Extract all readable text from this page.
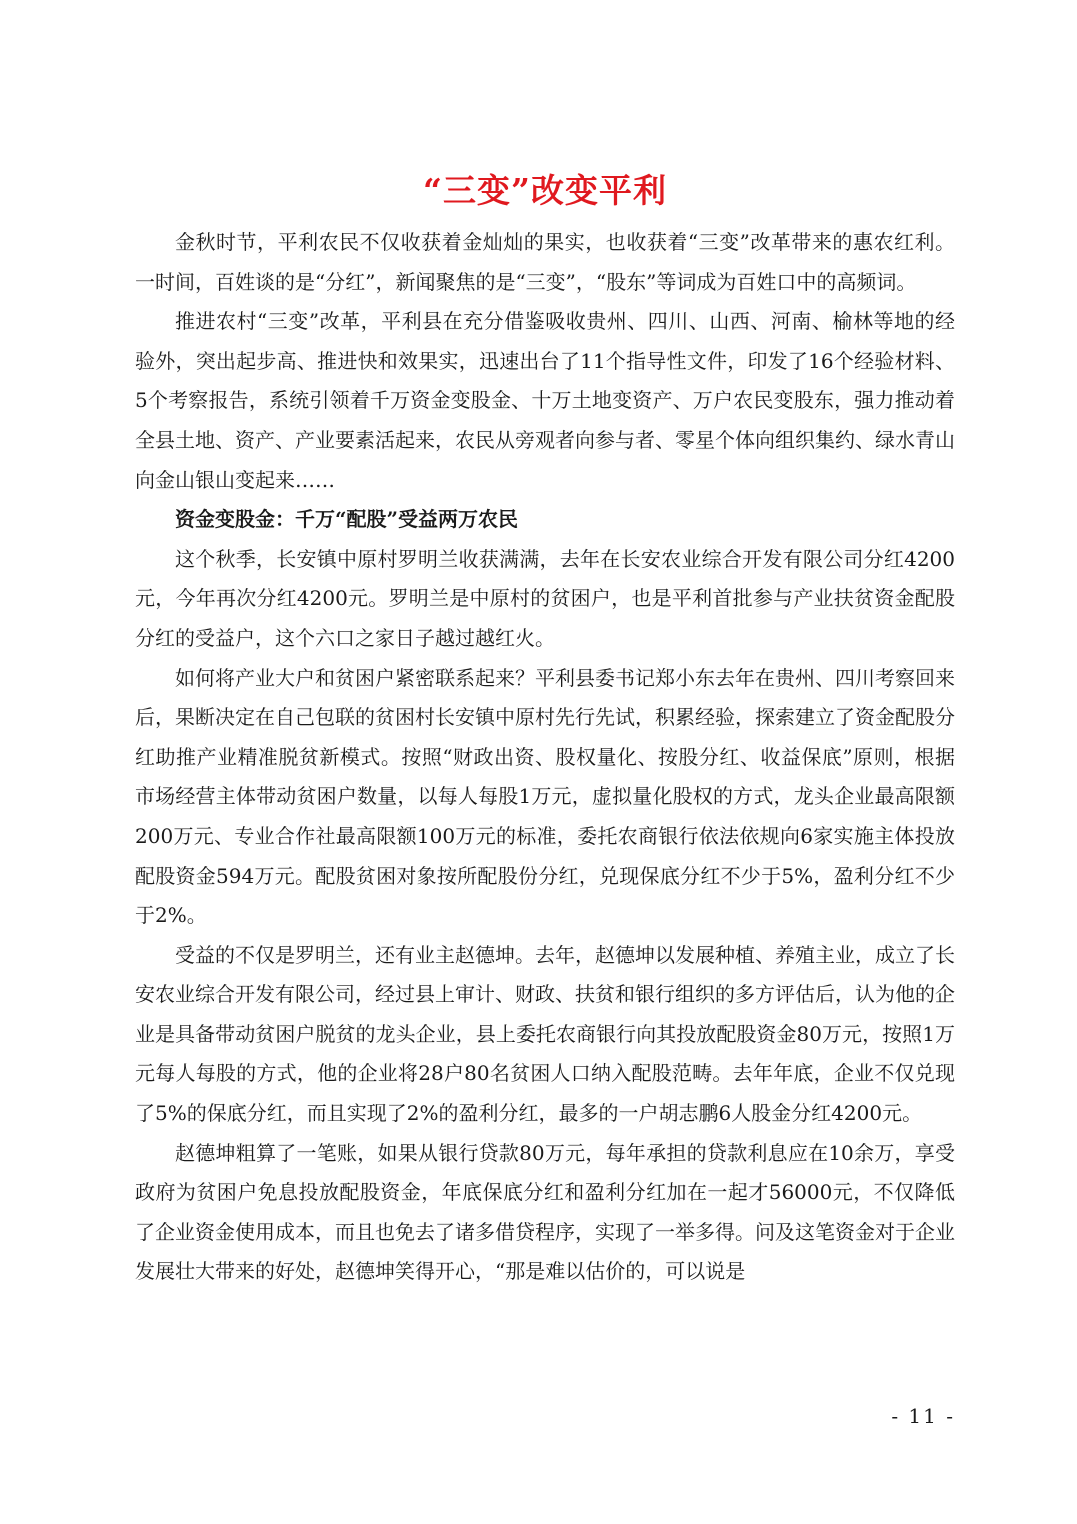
“三变”改变平利

金秋时节，平利农民不仅收获着金灿灿的果实，也收获着“三变”改革带来的惠农红利。一时间，百姓谈的是“分红”，新闻聚焦的是“三变”，“股东”等词成为百姓口中的高频词。

推进农村“三变”改革，平利县在充分借鉴吸收贵州、四川、山西、河南、榆林等地的经验外，突出起步高、推进快和效果实，迅速出台了11个指导性文件，印发了16个经验材料、5个考察报告，系统引领着千万资金变股金、十万土地变资产、万户农民变股东，强力推动着全县土地、资产、产业要素活起来，农民从旁观者向参与者、零星个体向组织集约、绿水青山向金山银山变起来……

资金变股金：千万“配股”受益两万农民

这个秋季，长安镇中原村罗明兰收获满满，去年在长安农业综合开发有限公司分红4200元，今年再次分红4200元。罗明兰是中原村的贫困户，也是平利首批参与产业扶贫资金配股分红的受益户，这个六口之家日子越过越红火。

如何将产业大户和贫困户紧密联系起来？平利县委书记郑小东去年在贵州、四川考察回来后，果断决定在自己包联的贫困村长安镇中原村先行先试，积累经验，探索建立了资金配股分红助推产业精准脱贫新模式。按照“财政出资、股权量化、按股分红、收益保底”原则，根据市场经营主体带动贫困户数量，以每人每股1万元，虚拟量化股权的方式，龙头企业最高限额200万元、专业合作社最高限额100万元的标准，委托农商银行依法依规向6家实施主体投放配股资金594万元。配股贫困对象按所配股份分红，兑现保底分红不少于5%，盈利分红不少于2%。

受益的不仅是罗明兰，还有业主赵德坤。去年，赵德坤以发展种植、养殖主业，成立了长安农业综合开发有限公司，经过县上审计、财政、扶贫和银行组织的多方评估后，认为他的企业是具备带动贫困户脱贫的龙头企业，县上委托农商银行向其投放配股资金80万元，按照1万元每人每股的方式，他的企业将28户80名贫困人口纳入配股范畴。去年年底，企业不仅兑现了5%的保底分红，而且实现了2%的盈利分红，最多的一户胡志鹏6人股金分红4200元。

赵德坤粗算了一笔账，如果从银行贷款80万元，每年承担的贷款利息应在10余万，享受政府为贫困户免息投放配股资金，年底保底分红和盈利分红加在一起才56000元，不仅降低了企业资金使用成本，而且也免去了诸多借贷程序，实现了一举多得。问及这笔资金对于企业发展壮大带来的好处，赵德坤笑得开心，“那是难以估价的，可以说是

- 11 -
